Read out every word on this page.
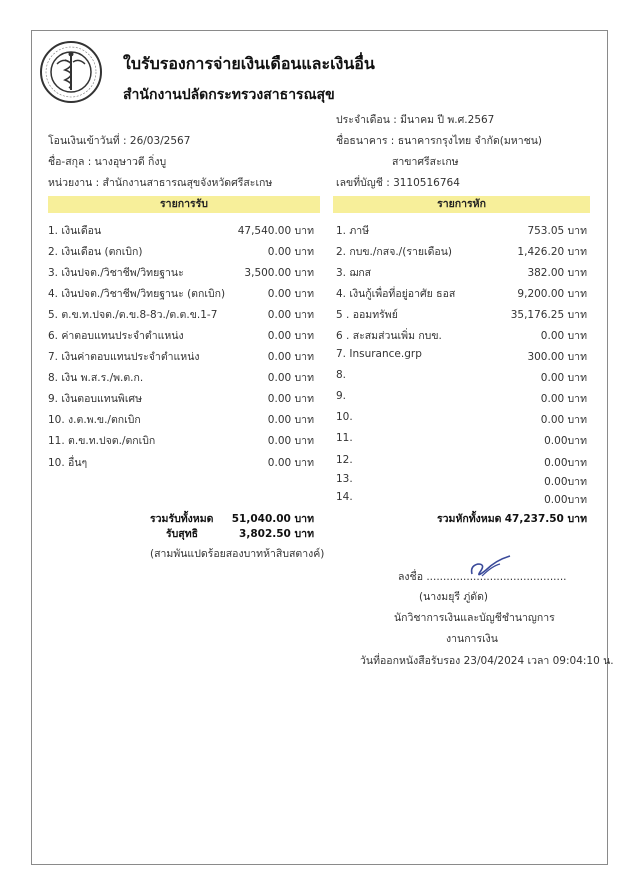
ใบรับรองการจ่ายเงินเดือนและเงินอื่น
สำนักงานปลัดกระทรวงสาธารณสุข
ประจำเดือน : มีนาคม ปี พ.ศ.2567
ชื่อธนาคาร : ธนาคารกรุงไทย จำกัด(มหาชน)
สาขาศรีสะเกษ
เลขที่บัญชี : 3110516764
โอนเงินเข้าวันที่ : 26/03/2567
ชื่อ-สกุล : นางอุษาวดี กิ่งบู
หน่วยงาน : สำนักงานสาธารณสุขจังหวัดศรีสะเกษ
รายการรับ	รายการหัก
1. เงินเดือน	47,540.00 บาท
2. เงินเดือน (ตกเบิก)	0.00 บาท
3. เงินปจต./วิชาชีพ/วิทยฐานะ	3,500.00 บาท
4. เงินปจต./วิชาชีพ/วิทยฐานะ (ตกเบิก)	0.00 บาท
5. ต.ข.ท.ปจต./ต.ข.8-8ว./ต.ต.ข.1-7	0.00 บาท
6. ค่าตอบแทนประจำตำแหน่ง	0.00 บาท
7. เงินค่าตอบแทนประจำตำแหน่ง	0.00 บาท
8. เงิน พ.ส.ร./พ.ต.ก.	0.00 บาท
9. เงินตอบแทนพิเศษ	0.00 บาท
10. ง.ต.พ.ข./ตกเบิก	0.00 บาท
11. ต.ข.ท.ปจต./ตกเบิก	0.00 บาท
10. อื่นๆ	0.00 บาท
1. ภาษี	753.05 บาท
2. กบข./กสจ./(รายเดือน)	1,426.20 บาท
3. ฌกส	382.00 บาท
4. เงินกู้เพื่อที่อยู่อาศัย ธอส	9,200.00 บาท
5 . ออมทรัพย์	35,176.25 บาท
6 . สะสมส่วนเพิ่ม กบข.	0.00 บาท
7. Insurance.grp	300.00 บาท
8.	0.00 บาท
9.	0.00 บาท
10.	0.00 บาท
11.	0.00บาท
12.	0.00บาท
13.	0.00บาท
14.	0.00บาท
รวมรับทั้งหมด 51,040.00 บาท
รับสุทธิ	3,802.50 บาท
(สามพันแปดร้อยสองบาทห้าสิบสตางค์)
รวมหักทั้งหมด 47,237.50 บาท
ลงชื่อ ..........................................
(นางมยุรี ภู่ดัด)
นักวิชาการเงินและบัญชีชำนาญการ
งานการเงิน
วันที่ออกหนังสือรับรอง 23/04/2024 เวลา 09:04:10 น.
